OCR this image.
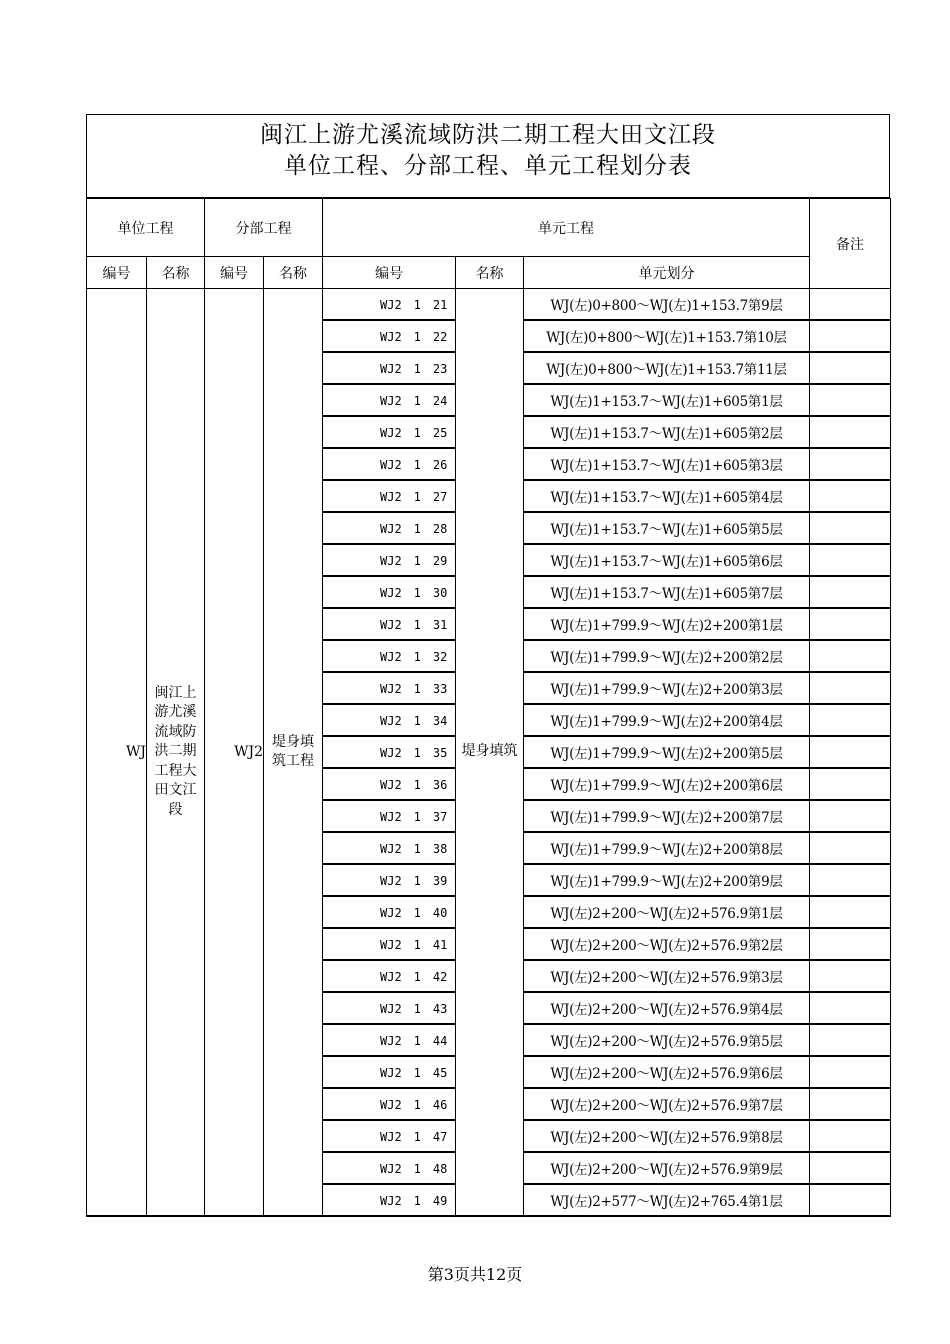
闽江上游尤溪流域防洪二期工程大田文江段
单位工程、分部工程、单元工程划分表
单位工程		分部工程		单元工程			备注
编号	名称	编号	名称	编号	名称	单元划分	
WJ	闽江上游尤溪流域防洪二期工程大田文江段	WJ2	堤身填筑工程	WJ2　1　21	堤身填筑	WJ(左)0+800～WJ(左)1+153.7第9层	
				WJ2　1　22		WJ(左)0+800～WJ(左)1+153.7第10层	
				WJ2　1　23		WJ(左)0+800～WJ(左)1+153.7第11层	
				WJ2　1　24		WJ(左)1+153.7～WJ(左)1+605第1层	
				WJ2　1　25		WJ(左)1+153.7～WJ(左)1+605第2层	
				WJ2　1　26		WJ(左)1+153.7～WJ(左)1+605第3层	
				WJ2　1　27		WJ(左)1+153.7～WJ(左)1+605第4层	
				WJ2　1　28		WJ(左)1+153.7～WJ(左)1+605第5层	
				WJ2　1　29		WJ(左)1+153.7～WJ(左)1+605第6层	
				WJ2　1　30		WJ(左)1+153.7～WJ(左)1+605第7层	
				WJ2　1　31		WJ(左)1+799.9～WJ(左)2+200第1层	
				WJ2　1　32		WJ(左)1+799.9～WJ(左)2+200第2层	
				WJ2　1　33		WJ(左)1+799.9～WJ(左)2+200第3层	
				WJ2　1　34		WJ(左)1+799.9～WJ(左)2+200第4层	
				WJ2　1　35		WJ(左)1+799.9～WJ(左)2+200第5层	
				WJ2　1　36		WJ(左)1+799.9～WJ(左)2+200第6层	
				WJ2　1　37		WJ(左)1+799.9～WJ(左)2+200第7层	
				WJ2　1　38		WJ(左)1+799.9～WJ(左)2+200第8层	
				WJ2　1　39		WJ(左)1+799.9～WJ(左)2+200第9层	
				WJ2　1　40		WJ(左)2+200～WJ(左)2+576.9第1层	
				WJ2　1　41		WJ(左)2+200～WJ(左)2+576.9第2层	
				WJ2　1　42		WJ(左)2+200～WJ(左)2+576.9第3层	
				WJ2　1　43		WJ(左)2+200～WJ(左)2+576.9第4层	
				WJ2　1　44		WJ(左)2+200～WJ(左)2+576.9第5层	
				WJ2　1　45		WJ(左)2+200～WJ(左)2+576.9第6层	
				WJ2　1　46		WJ(左)2+200～WJ(左)2+576.9第7层	
				WJ2　1　47		WJ(左)2+200～WJ(左)2+576.9第8层	
				WJ2　1　48		WJ(左)2+200～WJ(左)2+576.9第9层	
				WJ2　1　49		WJ(左)2+577～WJ(左)2+765.4第1层	
第3页共12页
